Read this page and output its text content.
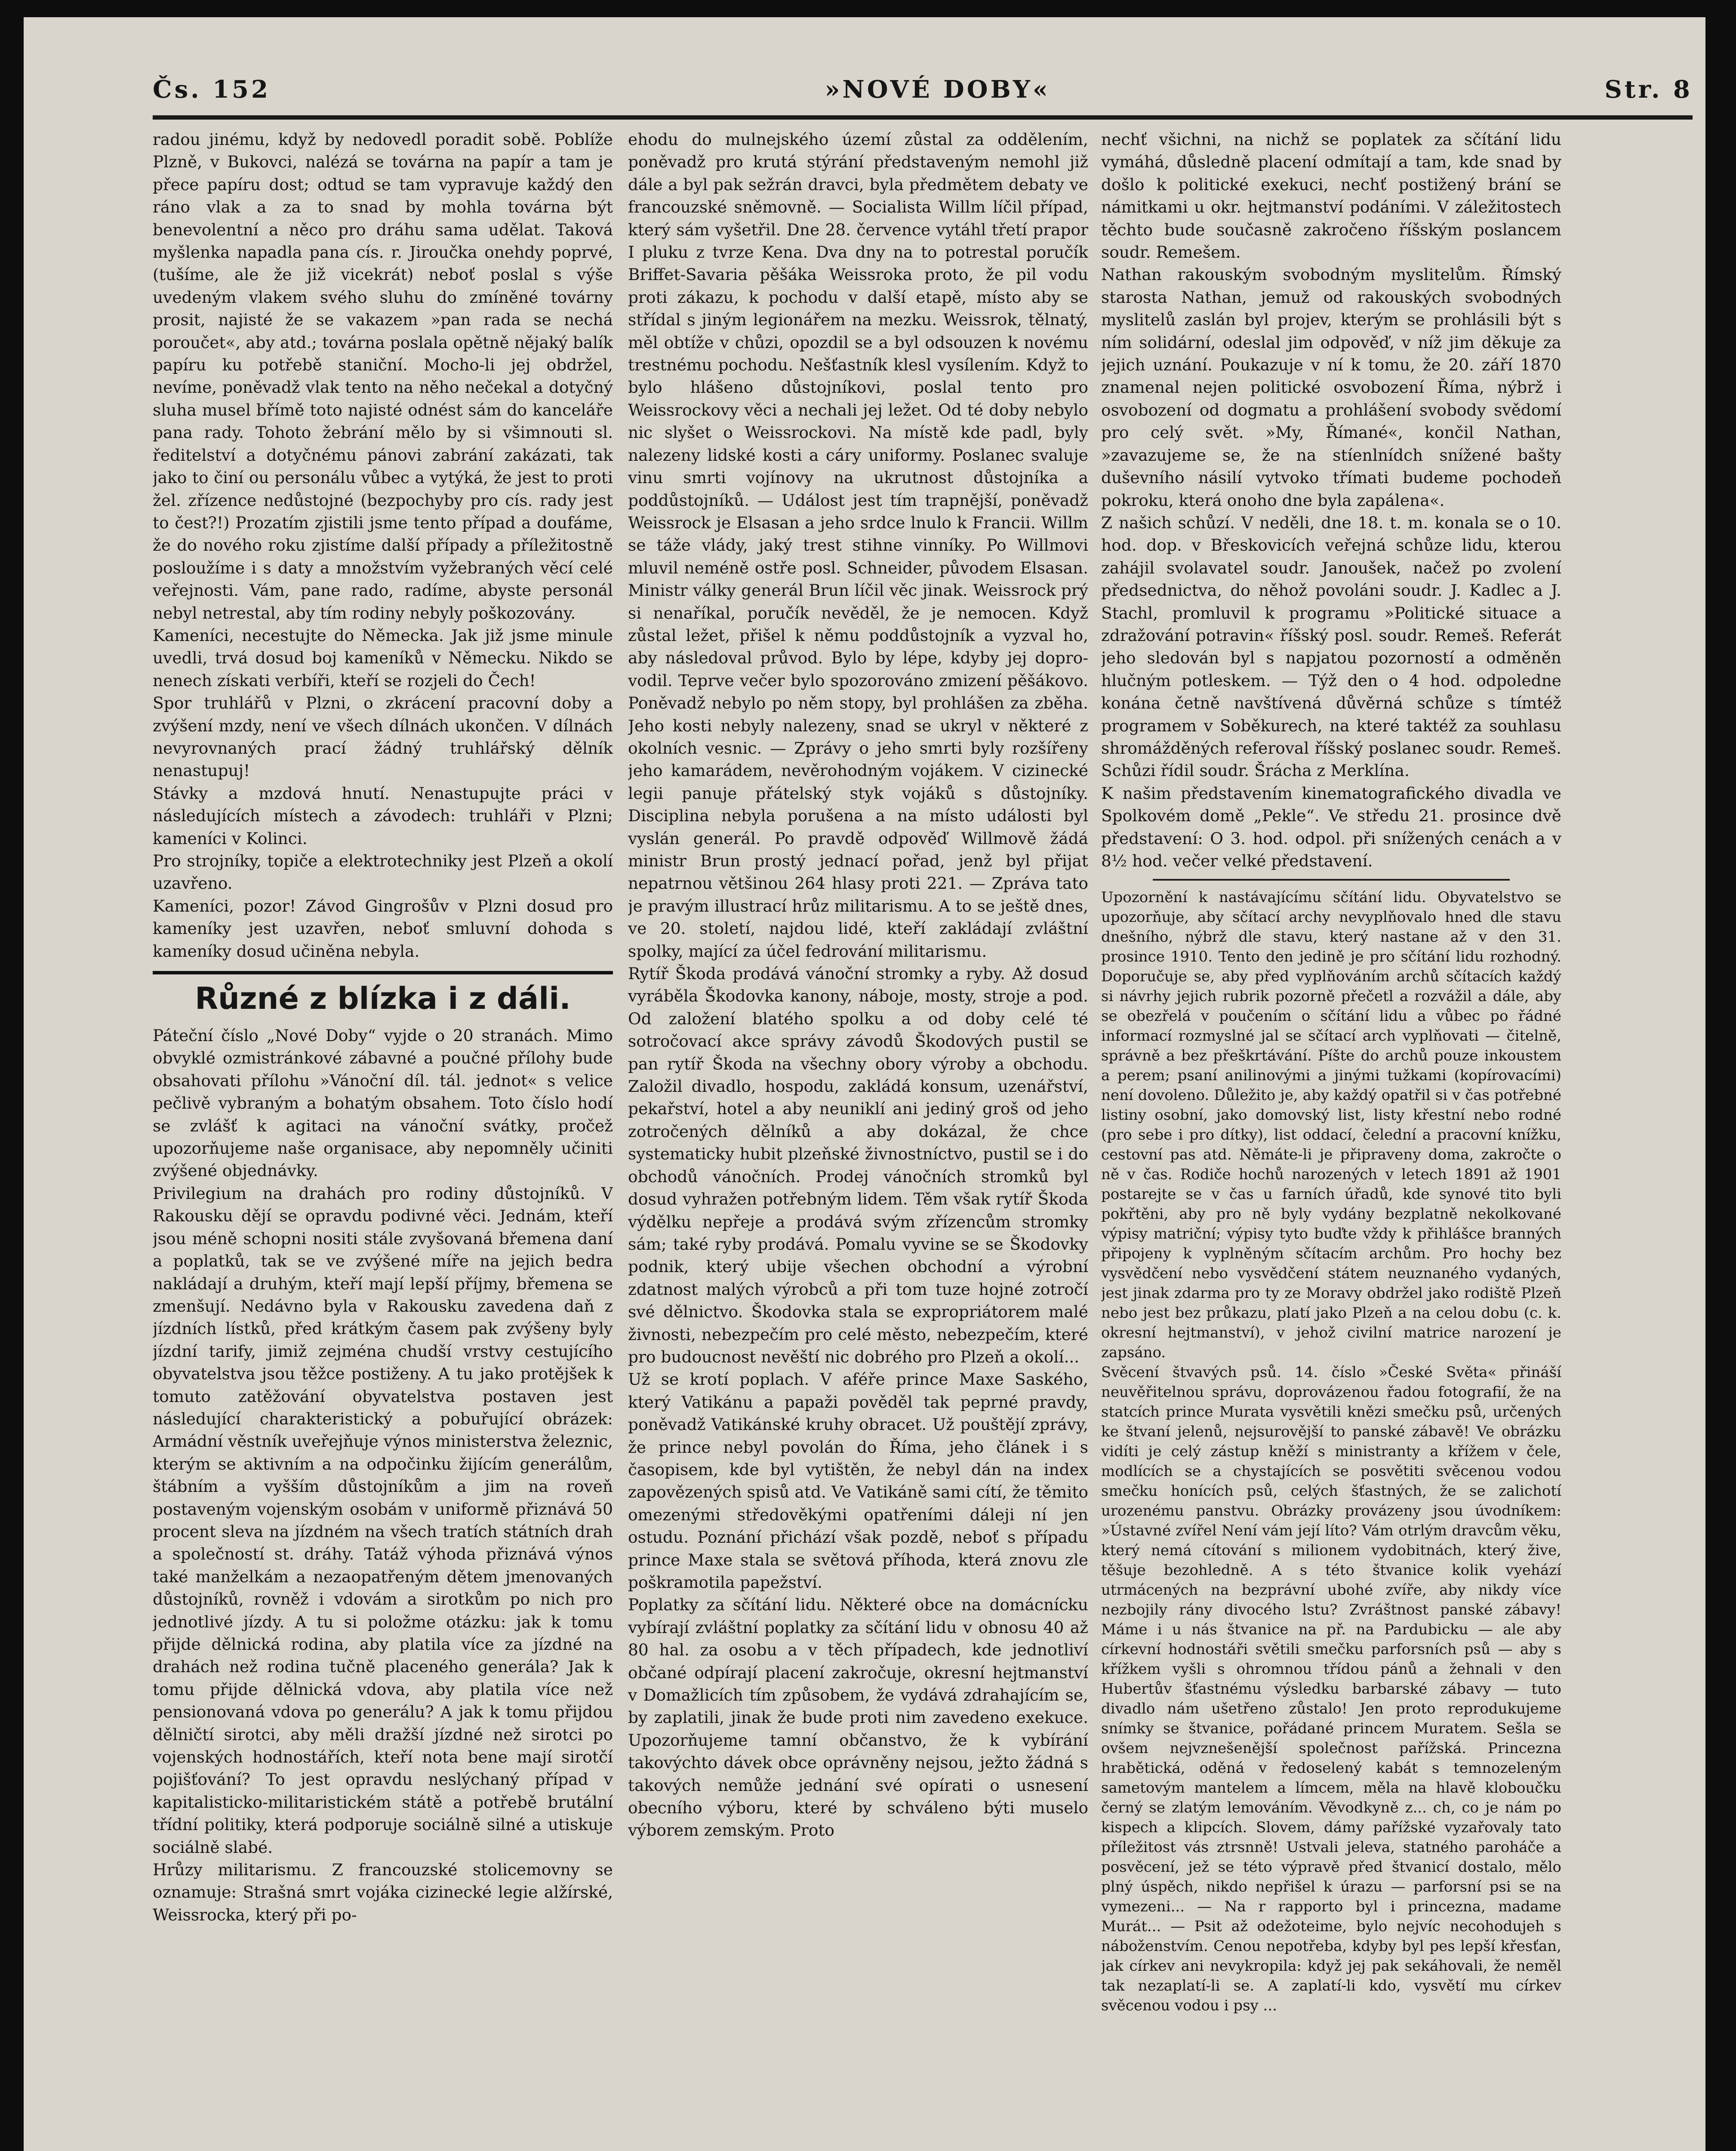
Čs. 152	»NOVÉ DOBY«	Str. 8

radou jinému, když by nedovedl poradit sobě. Poblíže Plzně, v Bukovci, nalézá se továrna na papír a tam je přece papíru dost; odtud se tam vypravuje každý den ráno vlak a za to snad by mohla továrna být benevolentní a něco pro dráhu sama udělat. Taková myšlenka napadla pana cís. r. Jiroučka onehdy poprvé, (tušíme, ale že již vicekrát) neboť poslal s výše uvedeným vlakem svého sluhu do zmíněné továrny prosit, najisté že se vakazem »pan rada se nechá poroučet«, aby atd.; továrna poslala opětně nějaký balík papíru ku potřebě staniční. Mocho-li jej obdržel, nevíme, poněvadž vlak tento na něho nečekal a dotyčný sluha musel břímě toto najisté odnést sám do kanceláře pana rady. Tohoto žebrání mělo by si všimnouti sl. ředitelství a dotyčnému pánovi zabrání zakázati, tak jako to činí ou personálu vůbec a vytýká, že jest to proti žel. zřízence nedůstojné (bezpochyby pro cís. rady jest to čest?!) Prozatím zjistili jsme tento případ a doufáme, že do nového roku zjistíme další případy a příležitostně posloužíme i s daty a množstvím vyžebraných věcí celé veřejnosti. Vám, pane rado, radíme, abyste personál nebyl netrestal, aby tím rodiny nebyly poškozovány.

Kameníci, necestujte do Německa. Jak již jsme minule uvedli, trvá dosud boj kameníků v Německu. Nikdo se nenech získati verbíři, kteří se rozjeli do Čech!

Spor truhlářů v Plzni, o zkrácení pracovní doby a zvýšení mzdy, není ve všech dílnách ukončen. V dílnách nevyrovnaných prací žádný truhlářský dělník nenastupuj!

Stávky a mzdová hnutí. Nenastupujte práci v následujících místech a závodech: truhláři v Plzni; kameníci v Kolinci.

Pro strojníky, topiče a elektrotechniky jest Plzeň a okolí uzavřeno.

Kameníci, pozor! Závod Gingrošův v Plzni dosud pro kameníky jest uzavřen, neboť smluvní dohoda s kameníky dosud učiněna nebyla.

Různé z blízka i z dáli.

Páteční číslo „Nové Doby“ vyjde o 20 stranách. Mimo obvyklé ozmistránkové zábavné a poučné přílohy bude obsahovati přílohu »Vánoční díl. tál. jednot« s velice pečlivě vybraným a bohatým obsahem. Toto číslo hodí se zvlášť k agitaci na vánoční svátky, pročež upozorňujeme naše organisace, aby nepomněly učiniti zvýšené objednávky.

Privilegium na drahách pro rodiny důstojníků. V Rakousku dějí se opravdu podivné věci. Jednám, kteří jsou méně schopni nositi stále zvyšovaná břemena daní a poplatků, tak se ve zvýšené míře na jejich bedra nakládají a druhým, kteří mají lepší příjmy, břemena se zmenšují. Nedávno byla v Rakousku zavedena daň z jízdních lístků, před krátkým časem pak zvýšeny byly jízdní tarify, jimiž zejména chudší vrstvy cestujícího obyvatelstva jsou těžce postiženy. A tu jako protějšek k tomuto zatěžování obyvatelstva postaven jest následující charakteristický a pobuřující obrázek: Armádní věstník uveřejňuje výnos ministerstva železnic, kterým se aktivním a na odpočinku žijícím generálům, štábním a vyšším důstojníkům a jim na roveň postaveným vojenským osobám v uniformě přiznává 50 procent sleva na jízdném na všech tratích státních drah a společností st. dráhy. Tatáž výhoda přiznává výnos také manželkám a nezaopatřeným dětem jmenovaných důstojníků, rovněž i vdovám a sirotkům po nich pro jednotlivé jízdy. A tu si položme otázku: jak k tomu přijde dělnická rodina, aby platila více za jízdné na drahách než rodina tučně placeného generála? Jak k tomu přijde dělnická vdova, aby platila více než pensionovaná vdova po generálu? A jak k tomu přijdou dělničtí sirotci, aby měli dražší jízdné než sirotci po vojenských hodnostářích, kteří nota bene mají sirotčí pojišťování? To jest opravdu neslýchaný případ v kapitalisticko-militaristickém státě a potřebě brutální třídní politiky, která podporuje sociálně silné a utiskuje sociálně slabé.

Hrůzy militarismu. Z francouzské stolicemovny se oznamuje: Strašná smrt vojáka cizinecké legie alžírské, Weissrocka, který při po-

ehodu do mulnejského území zůstal za oddělením, poněvadž pro krutá stýrání představeným nemohl již dále a byl pak sežrán dravci, byla předmětem debaty ve francouzské sněmovně. — Socialista Willm líčil případ, který sám vyšetřil. Dne 28. července vytáhl třetí prapor I pluku z tvrze Kena. Dva dny na to potrestal poručík Briffet-Savaria pěšáka Weissroka proto, že pil vodu proti zákazu, k pochodu v další etapě, místo aby se střídal s jiným legionářem na mezku. Weissrok, tělnatý, měl obtíže v chůzi, opozdil se a byl odsouzen k novému trestnému pochodu. Nešťastník klesl vysílením. Když to bylo hlášeno důstojníkovi, poslal tento pro Weissrockovy věci a nechali jej ležet. Od té doby nebylo nic slyšet o Weissrockovi. Na místě kde padl, byly nalezeny lidské kosti a cáry uniformy. Poslanec svaluje vinu smrti vojínovy na ukrutnost důstojníka a poddůstojníků. — Událost jest tím trapnější, poněvadž Weissrock je Elsasan a jeho srdce lnulo k Francii. Willm se táže vlády, jaký trest stihne vinníky. Po Willmovi mluvil neméně ostře posl. Schneider, původem Elsasan. Ministr války generál Brun líčil věc jinak. Weissrock prý si nenaříkal, poručík nevěděl, že je nemocen. Když zůstal ležet, přišel k němu poddůstojník a vyzval ho, aby následoval průvod. Bylo by lépe, kdyby jej dopro-vodil. Teprve večer bylo spozorováno zmizení pěšákovo. Poněvadž nebylo po něm stopy, byl prohlášen za zběha. Jeho kosti nebyly nalezeny, snad se ukryl v některé z okolních vesnic. — Zprávy o jeho smrti byly rozšířeny jeho kamarádem, nevěrohodným vojákem. V cizinecké legii panuje přátelský styk vojáků s důstojníky. Disciplina nebyla porušena a na místo události byl vyslán generál. Po pravdě odpověď Willmově žádá ministr Brun prostý jednací pořad, jenž byl přijat nepatrnou většinou 264 hlasy proti 221. — Zpráva tato je pravým illustrací hrůz militarismu. A to se ještě dnes, ve 20. století, najdou lidé, kteří zakládají zvláštní spolky, mající za účel fedrování militarismu.

Rytíř Škoda prodává vánoční stromky a ryby. Až dosud vyráběla Škodovka kanony, náboje, mosty, stroje a pod. Od založení blatého spolku a od doby celé té sotročovací akce správy závodů Škodových pustil se pan rytíř Škoda na všechny obory výroby a obchodu. Založil divadlo, hospodu, zakládá konsum, uzenářství, pekařství, hotel a aby neuniklí ani jediný groš od jeho zotročených dělníků a aby dokázal, že chce systematicky hubit plzeňské živnostníctvo, pustil se i do obchodů vánočních. Prodej vánočních stromků byl dosud vyhražen potřebným lidem. Těm však rytíř Škoda výdělku nepřeje a prodává svým zřízencům stromky sám; také ryby prodává. Pomalu vyvine se se Škodovky podnik, který ubije všechen obchodní a výrobní zdatnost malých výrobců a při tom tuze hojné zotročí své dělnictvo. Škodovka stala se expropriátorem malé živnosti, nebezpečím pro celé město, nebezpečím, které pro budoucnost nevěští nic dobrého pro Plzeň a okolí...

Už se krotí poplach. V aféře prince Maxe Saského, který Vatikánu a papaži pověděl tak peprné pravdy, poněvadž Vatikánské kruhy obracet. Už pouštějí zprávy, že prince nebyl povolán do Říma, jeho článek i s časopisem, kde byl vytištěn, že nebyl dán na index zapovězených spisů atd. Ve Vatikáně sami cítí, že těmito omezenými středověkými opatřeními dáleji ní jen ostudu. Poznání přichází však pozdě, neboť s případu prince Maxe stala se světová příhoda, která znovu zle poškramotila papežství.

Poplatky za sčítání lidu. Některé obce na domácnícku vybírají zvláštní poplatky za sčítání lidu v obnosu 40 až 80 hal. za osobu a v těch případech, kde jednotliví občané odpírají placení zakročuje, okresní hejtmanství v Domažlicích tím způsobem, že vydává zdrahajícím se, by zaplatili, jinak že bude proti nim zavedeno exekuce. Upozorňujeme tamní občanstvo, že k vybírání takovýchto dávek obce oprávněny nejsou, ježto žádná s takových nemůže jednání své opírati o usnesení obecního výboru, které by schváleno býti muselo výborem zemským. Proto

nechť všichni, na nichž se poplatek za sčítání lidu vymáhá, důsledně placení odmítají a tam, kde snad by došlo k politické exekuci, nechť postižený brání se námitkami u okr. hejtmanství podáními. V záležitostech těchto bude současně zakročeno říšským poslancem soudr. Remešem.

Nathan rakouským svobodným myslitelům. Římský starosta Nathan, jemuž od rakouských svobodných myslitelů zaslán byl projev, kterým se prohlásili být s ním solidární, odeslal jim odpověď, v níž jim děkuje za jejich uznání. Poukazuje v ní k tomu, že 20. září 1870 znamenal nejen politické osvobození Říma, nýbrž i osvobození od dogmatu a prohlášení svobody svědomí pro celý svět. »My, Římané«, končil Nathan, »zavazujeme se, že na stíenlnídch snížené bašty duševního násilí vytvoko třímati budeme pochodeň pokroku, která onoho dne byla zapálena«.

Z našich schůzí. V neděli, dne 18. t. m. konala se o 10. hod. dop. v Břeskovicích veřejná schůze lidu, kterou zahájil svolavatel soudr. Janoušek, načež po zvolení předsednictva, do něhož povoláni soudr. J. Kadlec a J. Stachl, promluvil k programu »Politické situace a zdražování potravin« říšský posl. soudr. Remeš. Referát jeho sledován byl s napjatou pozorností a odměněn hlučným potleskem. — Týž den o 4 hod. odpoledne konána četně navštívená důvěrná schůze s tímtéž programem v Soběkurech, na které taktéž za souhlasu shromážděných referoval říšský poslanec soudr. Remeš. Schůzi řídil soudr. Šrácha z Merklína.

K našim představením kinematografického divadla ve Spolkovém domě „Pekle“. Ve středu 21. prosince dvě představení: O 3. hod. odpol. při snížených cenách a v 8½ hod. večer velké představení.

Upozornění k nastávajícímu sčítání lidu. Obyvatelstvo se upozorňuje, aby sčítací archy nevyplňovalo hned dle stavu dnešního, nýbrž dle stavu, který nastane až v den 31. prosince 1910. Tento den jedině je pro sčítání lidu rozhodný. Doporučuje se, aby před vyplňováním archů sčítacích každý si návrhy jejich rubrik pozorně přečetl a rozvážil a dále, aby se obezřelá v poučením o sčítání lidu a vůbec po řádné informací rozmyslné jal se sčítací arch vyplňovati — čitelně, správně a bez přeškrtávání. Píšte do archů pouze inkoustem a perem; psaní anilinovými a jinými tužkami (kopírovacími) není dovoleno. Důležito je, aby každý opatřil si v čas potřebné listiny osobní, jako domovský list, listy křestní nebo rodné (pro sebe i pro dítky), list oddací, čelední a pracovní knížku, cestovní pas atd. Němáte-li je připraveny doma, zakročte o ně v čas. Rodiče hochů narozených v letech 1891 až 1901 postarejte se v čas u farních úřadů, kde synové tito byli pokřtěni, aby pro ně byly vydány bezplatně nekolkované výpisy matriční; výpisy tyto buďte vždy k přihlášce branných připojeny k vyplněným sčítacím archům. Pro hochy bez vysvědčení nebo vysvědčení státem neuznaného vydaných, jest jinak zdarma pro ty ze Moravy obdržel jako rodiště Plzeň nebo jest bez průkazu, platí jako Plzeň a na celou dobu (c. k. okresní hejtmanství), v jehož civilní matrice narození je zapsáno.

Svěcení štvavých psů. 14. číslo »České Světa« přináší neuvěřitelnou správu, doprovázenou řadou fotografií, že na statcích prince Murata vysvětili knězi smečku psů, určených ke štvaní jelenů, nejsurovější to panské zábavě! Ve obrázku vidíti je celý zástup kněží s ministranty a křížem v čele, modlících se a chystajících se posvětiti svěcenou vodou smečku honících psů, celých šťastných, že se zalichotí urozenému panstvu. Obrázky provázeny jsou úvodníkem: »Ústavné zvířel Není vám její líto? Vám otrlým dravcům věku, který nemá cítování s milionem vydobitnách, který žive, těšuje bezohledně. A s této štvanice kolik vyehází utrmácených na bezprávní ubohé zvíře, aby nikdy více nezbojily rány divocého lstu? Zvráštnost panské zábavy! Máme i u nás štvanice na př. na Pardubicku — ale aby církevní hodnostáři světili smečku parforsních psů — aby s křížkem vyšli s ohromnou třídou pánů a žehnali v den Hubertův šťastnému výsledku barbarské zábavy — tuto divadlo nám ušetřeno zůstalo! Jen proto reprodukujeme snímky se štvanice, pořádané princem Muratem. Sešla se ovšem nejvznešenější společnost pařížská. Princezna hrabětická, oděná v ředoselený kabát s temnozeleným sametovým mantelem a límcem, měla na hlavě kloboučku černý se zlatým lemováním. Věvodkyně z... ch, co je nám po kispech a klipcích. Slovem, dámy pařížské vyzařovaly tato příležitost vás ztrsnně! Ustvali jeleva, statného paroháče a posvěcení, jež se této výpravě před štvanicí dostalo, mělo plný úspěch, nikdo nepřišel k úrazu — parforsní psi se na vymezeni... — Na r rapporto byl i princezna, madame Murát... — Psit až odežoteime, bylo nejvíc necohodujeh s náboženstvím. Cenou nepotřeba, kdyby byl pes lepší křesťan, jak církev ani nevykropila: když jej pak sekáhovali, že neměl tak nezaplatí-li se. A zaplatí-li kdo, vysvětí mu církev svěcenou vodou i psy ...
